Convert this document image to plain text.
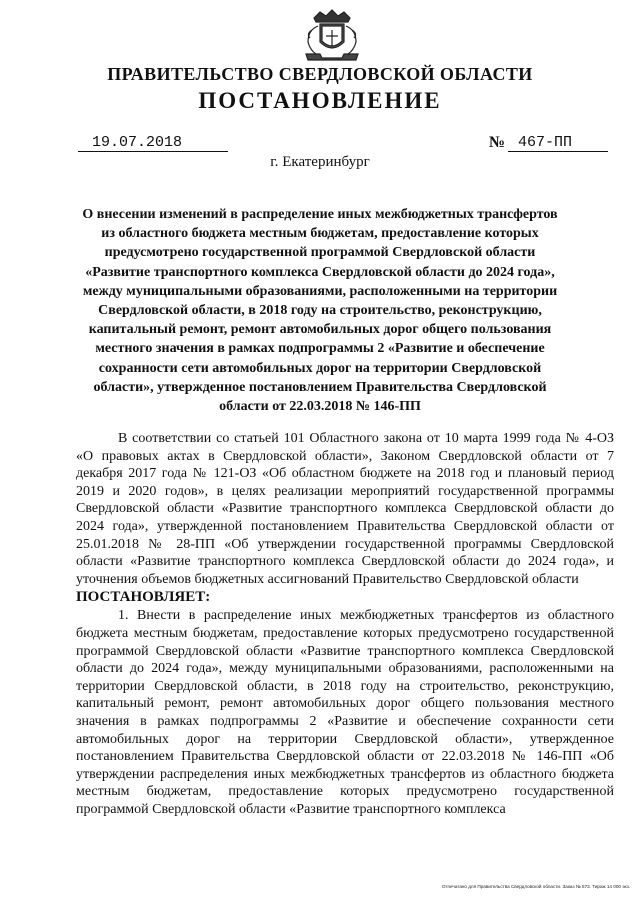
ПРАВИТЕЛЬСТВО СВЕРДЛОВСКОЙ ОБЛАСТИ
ПОСТАНОВЛЕНИЕ
19.07.2018	№ 467-ПП
г. Екатеринбург
О внесении изменений в распределение иных межбюджетных трансфертов из областного бюджета местным бюджетам, предоставление которых предусмотрено государственной программой Свердловской области «Развитие транспортного комплекса Свердловской области до 2024 года», между муниципальными образованиями, расположенными на территории Свердловской области, в 2018 году на строительство, реконструкцию, капитальный ремонт, ремонт автомобильных дорог общего пользования местного значения в рамках подпрограммы 2 «Развитие и обеспечение сохранности сети автомобильных дорог на территории Свердловской области», утвержденное постановлением Правительства Свердловской области от 22.03.2018 № 146-ПП

В соответствии со статьей 101 Областного закона от 10 марта 1999 года № 4-ОЗ «О правовых актах в Свердловской области», Законом Свердловской области от 7 декабря 2017 года № 121-ОЗ «Об областном бюджете на 2018 год и плановый период 2019 и 2020 годов», в целях реализации мероприятий государственной программы Свердловской области «Развитие транспортного комплекса Свердловской области до 2024 года», утвержденной постановлением Правительства Свердловской области от 25.01.2018 № 28-ПП «Об утверждении государственной программы Свердловской области «Развитие транспортного комплекса Свердловской области до 2024 года», и уточнения объемов бюджетных ассигнований Правительство Свердловской области

ПОСТАНОВЛЯЕТ:

1. Внести в распределение иных межбюджетных трансфертов из областного бюджета местным бюджетам, предоставление которых предусмотрено государственной программой Свердловской области «Развитие транспортного комплекса Свердловской области до 2024 года», между муниципальными образованиями, расположенными на территории Свердловской области, в 2018 году на строительство, реконструкцию, капитальный ремонт, ремонт автомобильных дорог общего пользования местного значения в рамках подпрограммы 2 «Развитие и обеспечение сохранности сети автомобильных дорог на территории Свердловской области», утвержденное постановлением Правительства Свердловской области от 22.03.2018 № 146-ПП «Об утверждении распределения иных межбюджетных трансфертов из областного бюджета местным бюджетам, предоставление которых предусмотрено государственной программой Свердловской области «Развитие транспортного комплекса

Отпечатано для Правительства Свердловской области. Заказ № 573. Тираж 14 000 экз.
